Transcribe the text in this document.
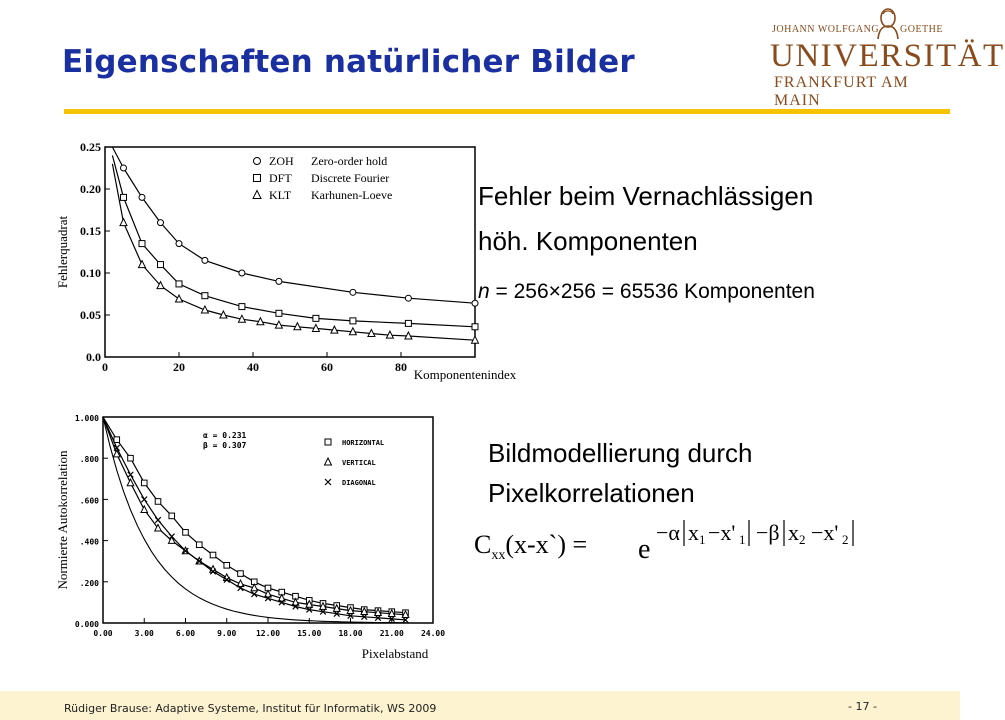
Eigenschaften natürlicher Bilder
JOHANN WOLFGANG GOETHE
UNIVERSITÄT
FRANKFURT AM MAIN
0	20	40	60	80
0.0
0.05
0.10
0.15
0.20
0.25
Komponentenindex
Fehlerquadrat
ZOH Zero-order hold
DFT Discrete Fourier
KLT Karhunen-Loeve	Fehler beim Vernachlässigen
höh. Komponenten
n = 256×256 = 65536 Komponenten
0.00	3.00	6.00	9.00 12.00 15.00 18.00 21.00 24.00
0.000
.200
.400
.600
.800
1.000
Pixelabstand
Normierte Autokorrelation
α = 0.231
β = 0.307	HORIZONTAL
VERTICAL
DIAGONAL
Bildmodellierung durch
Pixelkorrelationen
$C_{xx}(x-x`) = e$
−α x 1 −x' 1 −β x 2 −x' 2
Rüdiger Brause: Adaptive Systeme, Institut für Informatik, WS 2009	- 17 -
